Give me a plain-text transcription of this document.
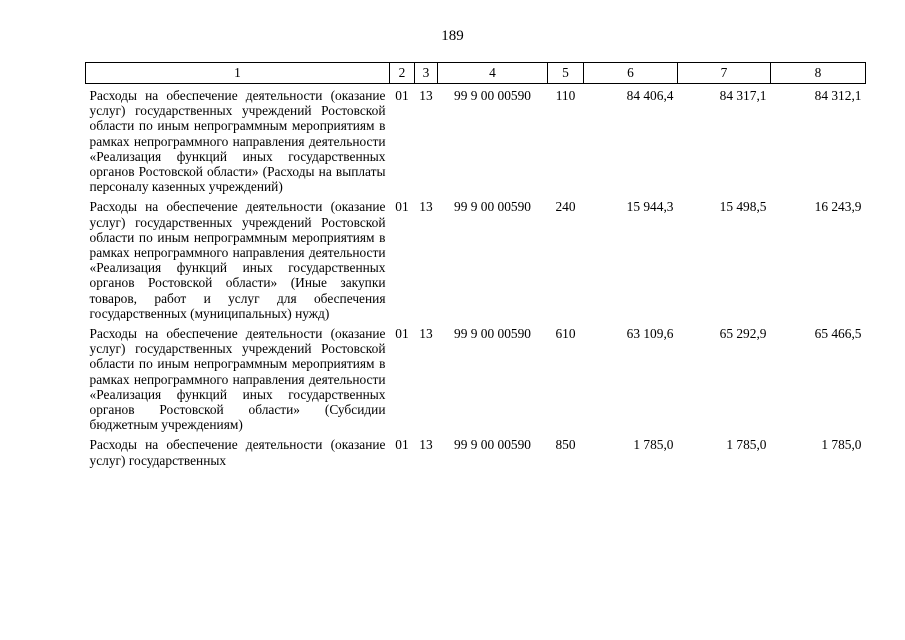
189
1	2	3	4	5	6	7	8
Расходы на обеспечение деятельности (оказание услуг) государственных учреждений Ростовской области по иным непрограммным мероприятиям в рамках непрограммного направления деятельности «Реализация функций иных государственных органов Ростовской области» (Расходы на выплаты персоналу казенных учреждений)	01	13	99 9 00 00590	110	84 406,4	84 317,1	84 312,1
Расходы на обеспечение деятельности (оказание услуг) государственных учреждений Ростовской области по иным непрограммным мероприятиям в рамках непрограммного направления деятельности «Реализация функций иных государственных органов Ростовской области» (Иные закупки товаров, работ и услуг для обеспечения государственных (муниципальных) нужд)	01	13	99 9 00 00590	240	15 944,3	15 498,5	16 243,9
Расходы на обеспечение деятельности (оказание услуг) государственных учреждений Ростовской области по иным непрограммным мероприятиям в рамках непрограммного направления деятельности «Реализация функций иных государственных органов Ростовской области» (Субсидии бюджетным учреждениям)	01	13	99 9 00 00590	610	63 109,6	65 292,9	65 466,5
Расходы на обеспечение деятельности (оказание услуг) государственных	01	13	99 9 00 00590	850	1 785,0	1 785,0	1 785,0
